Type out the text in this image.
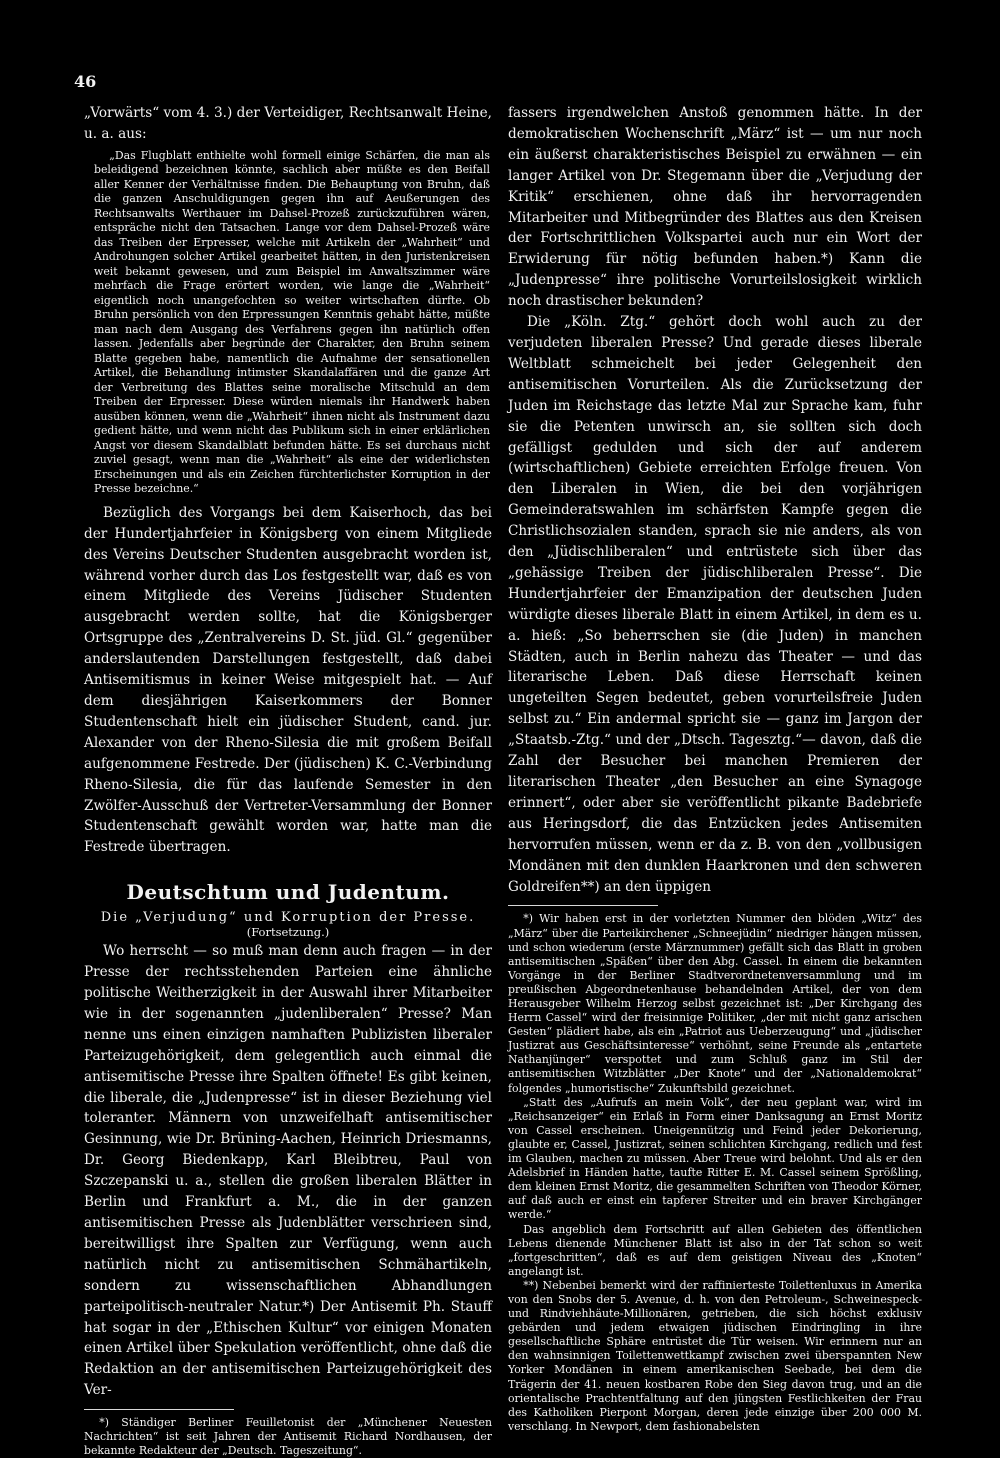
46

„Vorwärts“ vom 4. 3.) der Verteidiger, Rechtsanwalt Heine, u. a. aus:

„Das Flugblatt enthielte wohl formell einige Schärfen, die man als beleidigend bezeichnen könnte, sachlich aber müßte es den Beifall aller Kenner der Verhältnisse finden. Die Behauptung von Bruhn, daß die ganzen Anschuldigungen gegen ihn auf Aeußerungen des Rechtsanwalts Werthauer im Dahsel-Prozeß zurückzuführen wären, entspräche nicht den Tatsachen. Lange vor dem Dahsel-Prozeß wäre das Treiben der Erpresser, welche mit Artikeln der „Wahrheit“ und Androhungen solcher Artikel gearbeitet hätten, in den Juristenkreisen weit bekannt gewesen, und zum Beispiel im Anwaltszimmer wäre mehrfach die Frage erörtert worden, wie lange die „Wahrheit“ eigentlich noch unangefochten so weiter wirtschaften dürfte. Ob Bruhn persönlich von den Erpressungen Kenntnis gehabt hätte, müßte man nach dem Ausgang des Verfahrens gegen ihn natürlich offen lassen. Jedenfalls aber begründe der Charakter, den Bruhn seinem Blatte gegeben habe, namentlich die Aufnahme der sensationellen Artikel, die Behandlung intimster Skandalaffären und die ganze Art der Verbreitung des Blattes seine moralische Mitschuld an dem Treiben der Erpresser. Diese würden niemals ihr Handwerk haben ausüben können, wenn die „Wahrheit“ ihnen nicht als Instrument dazu gedient hätte, und wenn nicht das Publikum sich in einer erklärlichen Angst vor diesem Skandalblatt befunden hätte. Es sei durchaus nicht zuviel gesagt, wenn man die „Wahrheit“ als eine der widerlichsten Erscheinungen und als ein Zeichen fürchterlichster Korruption in der Presse bezeichne.“

Bezüglich des Vorgangs bei dem Kaiserhoch, das bei der Hundertjahrfeier in Königsberg von einem Mitgliede des Vereins Deutscher Studenten ausgebracht worden ist, während vorher durch das Los festgestellt war, daß es von einem Mitgliede des Vereins Jüdischer Studenten ausgebracht werden sollte, hat die Königsberger Ortsgruppe des „Zentralvereins D. St. jüd. Gl.“ gegenüber anderslautenden Darstellungen festgestellt, daß dabei Antisemitismus in keiner Weise mitgespielt hat. — Auf dem diesjährigen Kaiserkommers der Bonner Studentenschaft hielt ein jüdischer Student, cand. jur. Alexander von der Rheno-Silesia die mit großem Beifall aufgenommene Festrede. Der (jüdischen) K. C.-Verbindung Rheno-Silesia, die für das laufende Semester in den Zwölfer-Ausschuß der Vertreter-Versammlung der Bonner Studentenschaft gewählt worden war, hatte man die Festrede übertragen.

Deutschtum und Judentum.
Die „Verjudung“ und Korruption der Presse.
(Fortsetzung.)

Wo herrscht — so muß man denn auch fragen — in der Presse der rechtsstehenden Parteien eine ähnliche politische Weitherzigkeit in der Auswahl ihrer Mitarbeiter wie in der sogenannten „judenliberalen“ Presse? Man nenne uns einen einzigen namhaften Publizisten liberaler Parteizugehörigkeit, dem gelegentlich auch einmal die antisemitische Presse ihre Spalten öffnete! Es gibt keinen, die liberale, die „Judenpresse“ ist in dieser Beziehung viel toleranter. Männern von unzweifelhaft antisemitischer Gesinnung, wie Dr. Brüning-Aachen, Heinrich Driesmanns, Dr. Georg Biedenkapp, Karl Bleibtreu, Paul von Szczepanski u. a., stellen die großen liberalen Blätter in Berlin und Frankfurt a. M., die in der ganzen antisemitischen Presse als Judenblätter verschrieen sind, bereitwilligst ihre Spalten zur Verfügung, wenn auch natürlich nicht zu antisemitischen Schmähartikeln, sondern zu wissenschaftlichen Abhandlungen parteipolitisch-neutraler Natur.*) Der Antisemit Ph. Stauff hat sogar in der „Ethischen Kultur“ vor einigen Monaten einen Artikel über Spekulation veröffentlicht, ohne daß die Redaktion an der antisemitischen Parteizugehörigkeit des Ver-

*) Ständiger Berliner Feuilletonist der „Münchener Neuesten Nachrichten“ ist seit Jahren der Antisemit Richard Nordhausen, der bekannte Redakteur der „Deutsch. Tageszeitung“.

fassers irgendwelchen Anstoß genommen hätte. In der demokratischen Wochenschrift „März“ ist — um nur noch ein äußerst charakteristisches Beispiel zu erwähnen — ein langer Artikel von Dr. Stegemann über die „Verjudung der Kritik“ erschienen, ohne daß ihr hervorragenden Mitarbeiter und Mitbegründer des Blattes aus den Kreisen der Fortschrittlichen Volkspartei auch nur ein Wort der Erwiderung für nötig befunden haben.*) Kann die „Judenpresse“ ihre politische Vorurteilslosigkeit wirklich noch drastischer bekunden?

Die „Köln. Ztg.“ gehört doch wohl auch zu der verjudeten liberalen Presse? Und gerade dieses liberale Weltblatt schmeichelt bei jeder Gelegenheit den antisemitischen Vorurteilen. Als die Zurücksetzung der Juden im Reichstage das letzte Mal zur Sprache kam, fuhr sie die Petenten unwirsch an, sie sollten sich doch gefälligst gedulden und sich der auf anderem (wirtschaftlichen) Gebiete erreichten Erfolge freuen. Von den Liberalen in Wien, die bei den vorjährigen Gemeinderatswahlen im schärfsten Kampfe gegen die Christlichsozialen standen, sprach sie nie anders, als von den „Jüdischliberalen“ und entrüstete sich über das „gehässige Treiben der jüdischliberalen Presse“. Die Hundertjahrfeier der Emanzipation der deutschen Juden würdigte dieses liberale Blatt in einem Artikel, in dem es u. a. hieß: „So beherrschen sie (die Juden) in manchen Städten, auch in Berlin nahezu das Theater — und das literarische Leben. Daß diese Herrschaft keinen ungeteilten Segen bedeutet, geben vorurteilsfreie Juden selbst zu.“ Ein andermal spricht sie — ganz im Jargon der „Staatsb.-Ztg.“ und der „Dtsch. Tagesztg.“— davon, daß die Zahl der Besucher bei manchen Premieren der literarischen Theater „den Besucher an eine Synagoge erinnert“, oder aber sie veröffentlicht pikante Badebriefe aus Heringsdorf, die das Entzücken jedes Antisemiten hervorrufen müssen, wenn er da z. B. von den „vollbusigen Mondänen mit den dunklen Haarkronen und den schweren Goldreifen**) an den üppigen

*) Wir haben erst in der vorletzten Nummer den blöden „Witz“ des „März“ über die Parteikirchener „Schneejüdin“ niedriger hängen müssen, und schon wiederum (erste Märznummer) gefällt sich das Blatt in groben antisemitischen „Späßen“ über den Abg. Cassel. In einem die bekannten Vorgänge in der Berliner Stadtverordnetenversammlung und im preußischen Abgeordnetenhause behandelnden Artikel, der von dem Herausgeber Wilhelm Herzog selbst gezeichnet ist: „Der Kirchgang des Herrn Cassel“ wird der freisinnige Politiker, „der mit nicht ganz arischen Gesten“ plädiert habe, als ein „Patriot aus Ueberzeugung“ und „jüdischer Justizrat aus Geschäftsinteresse“ verhöhnt, seine Freunde als „entartete Nathanjünger“ verspottet und zum Schluß ganz im Stil der antisemitischen Witzblätter „Der Knote“ und der „Nationaldemokrat“ folgendes „humoristische“ Zukunftsbild gezeichnet.

„Statt des „Aufrufs an mein Volk“, der neu geplant war, wird im „Reichsanzeiger“ ein Erlaß in Form einer Danksagung an Ernst Moritz von Cassel erscheinen. Uneigennützig und Feind jeder Dekorierung, glaubte er, Cassel, Justizrat, seinen schlichten Kirchgang, redlich und fest im Glauben, machen zu müssen. Aber Treue wird belohnt. Und als er den Adelsbrief in Händen hatte, taufte Ritter E. M. Cassel seinem Sprößling, dem kleinen Ernst Moritz, die gesammelten Schriften von Theodor Körner, auf daß auch er einst ein tapferer Streiter und ein braver Kirchgänger werde.“

Das angeblich dem Fortschritt auf allen Gebieten des öffentlichen Lebens dienende Münchener Blatt ist also in der Tat schon so weit „fortgeschritten“, daß es auf dem geistigen Niveau des „Knoten“ angelangt ist.

**) Nebenbei bemerkt wird der raffinierteste Toilettenluxus in Amerika von den Snobs der 5. Avenue, d. h. von den Petroleum-, Schweinespeck- und Rindviehhäute-Millionären, getrieben, die sich höchst exklusiv gebärden und jedem etwaigen jüdischen Eindringling in ihre gesellschaftliche Sphäre entrüstet die Tür weisen. Wir erinnern nur an den wahnsinnigen Toilettenwettkampf zwischen zwei überspannten New Yorker Mondänen in einem amerikanischen Seebade, bei dem die Trägerin der 41. neuen kostbaren Robe den Sieg davon trug, und an die orientalische Prachtentfaltung auf den jüngsten Festlichkeiten der Frau des Katholiken Pierpont Morgan, deren jede einzige über 200 000 M. verschlang. In Newport, dem fashionabelsten
